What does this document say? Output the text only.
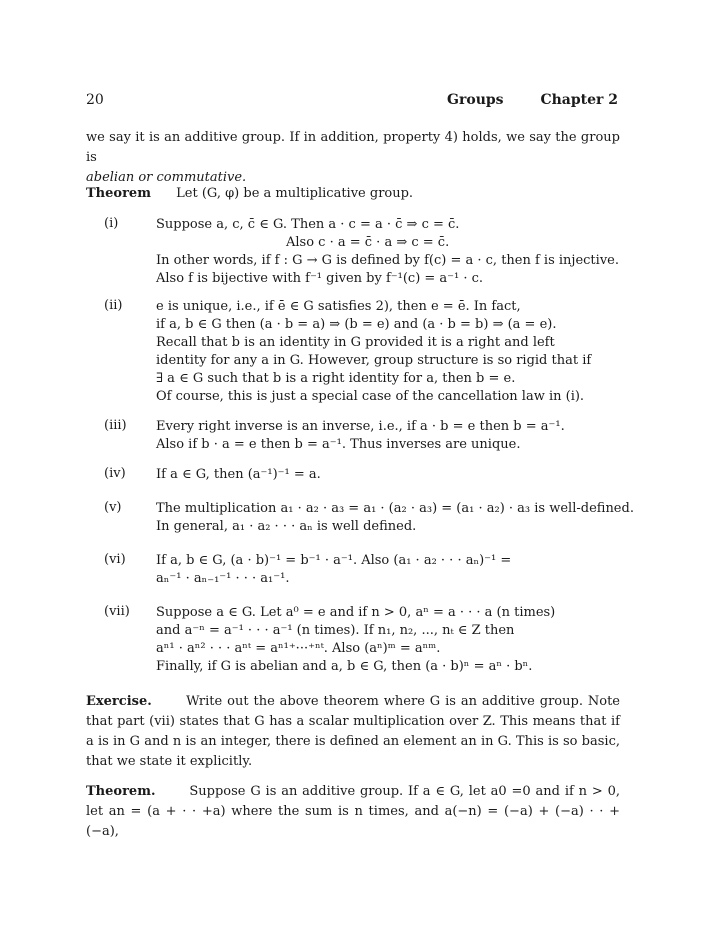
20	Groups	Chapter 2
we say it is an additive group. If in addition, property 4) holds, we say the group is
abelian or commutative.
Theorem Let (G, φ) be a multiplicative group.
(i)	Suppose a, c, c̄ ∈ G. Then a · c = a · c̄ ⇒ c = c̄.
Also c · a = c̄ · a ⇒ c = c̄.
In other words, if f : G → G is defined by f(c) = a · c, then f is injective.
Also f is bijective with f⁻¹ given by f⁻¹(c) = a⁻¹ · c.
(ii)	e is unique, i.e., if ē ∈ G satisfies 2), then e = ē. In fact,
if a, b ∈ G then (a · b = a) ⇒ (b = e) and (a · b = b) ⇒ (a = e).
Recall that b is an identity in G provided it is a right and left
identity for any a in G. However, group structure is so rigid that if
∃ a ∈ G such that b is a right identity for a, then b = e.
Of course, this is just a special case of the cancellation law in (i).
(iii) Every right inverse is an inverse, i.e., if a · b = e then b = a⁻¹.
Also if b · a = e then b = a⁻¹. Thus inverses are unique.
(iv) If a ∈ G, then (a⁻¹)⁻¹ = a.
(v)	The multiplication a₁ · a₂ · a₃ = a₁ · (a₂ · a₃) = (a₁ · a₂) · a₃ is well-defined.
In general, a₁ · a₂ · · · aₙ is well defined.
(vi) If a, b ∈ G, (a · b)⁻¹ = b⁻¹ · a⁻¹. Also (a₁ · a₂ · · · aₙ)⁻¹ =
aₙ⁻¹ · aₙ₋₁⁻¹ · · · a₁⁻¹.
(vii) Suppose a ∈ G. Let a⁰ = e and if n > 0, aⁿ = a · · · a (n times)
and a⁻ⁿ = a⁻¹ · · · a⁻¹ (n times). If n₁, n₂, ..., nₜ ∈ Z then
aⁿ¹ · aⁿ² · · · aⁿᵗ = aⁿ¹⁺···⁺ⁿᵗ. Also (aⁿ)ᵐ = aⁿᵐ.
Finally, if G is abelian and a, b ∈ G, then (a · b)ⁿ = aⁿ · bⁿ.
Exercise.	Write out the above theorem where G is an additive group. Note that part (vii) states that G has a scalar multiplication over Z. This means that if a is in G and n is an integer, there is defined an element an in G. This is so basic, that we state it explicitly.
Theorem.	Suppose G is an additive group. If a ∈ G, let a0 =0 and if n > 0, let an = (a + · · +a) where the sum is n times, and a(−n) = (−a) + (−a) · · + (−a),
